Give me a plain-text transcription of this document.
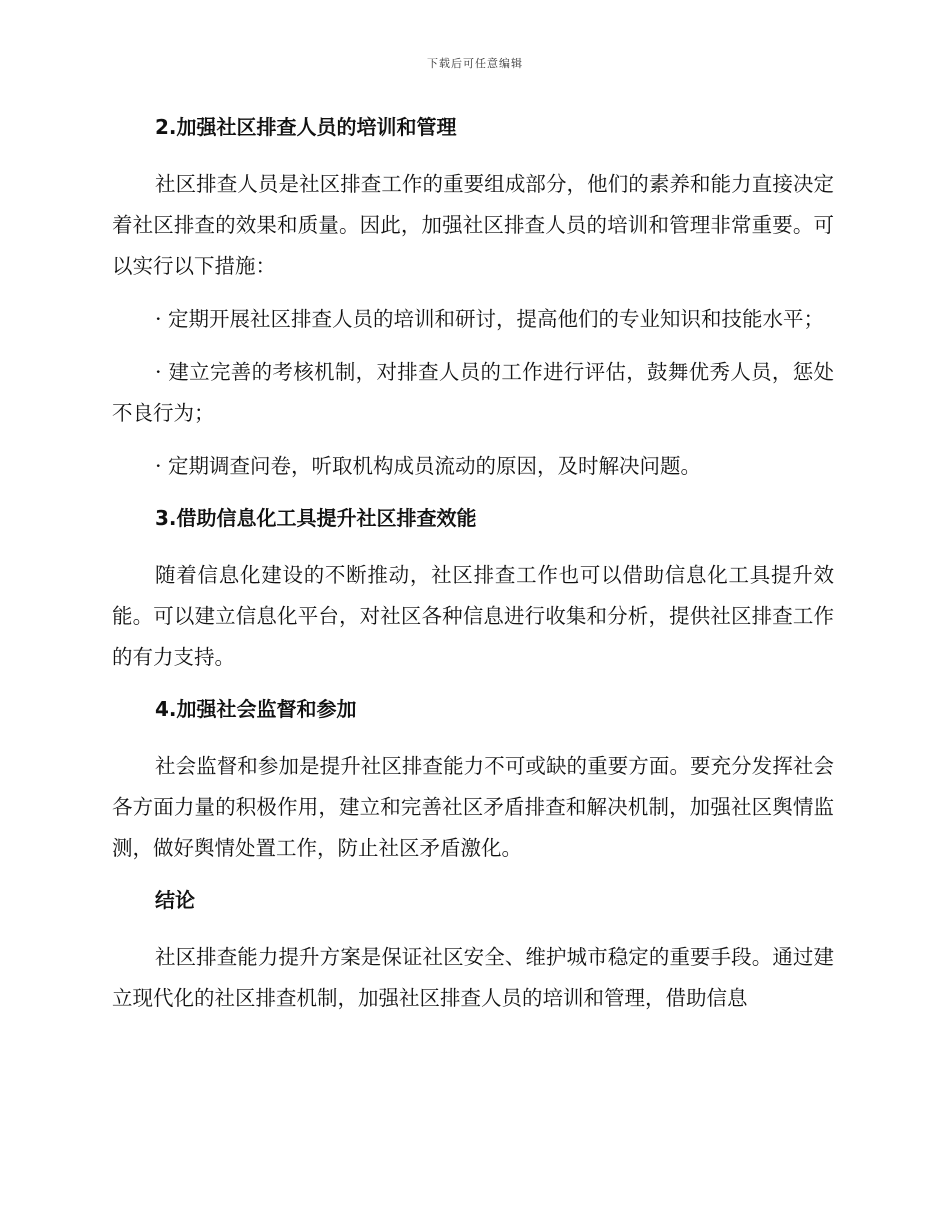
下载后可任意编辑
2.加强社区排查人员的培训和管理

社区排查人员是社区排查工作的重要组成部分，他们的素养和能力直接决定着社区排查的效果和质量。因此，加强社区排查人员的培训和管理非常重要。可以实行以下措施：

· 定期开展社区排查人员的培训和研讨，提高他们的专业知识和技能水平；

· 建立完善的考核机制，对排查人员的工作进行评估，鼓舞优秀人员，惩处不良行为；

· 定期调查问卷，听取机构成员流动的原因，及时解决问题。

3.借助信息化工具提升社区排查效能

随着信息化建设的不断推动，社区排查工作也可以借助信息化工具提升效能。可以建立信息化平台，对社区各种信息进行收集和分析，提供社区排查工作的有力支持。

4.加强社会监督和参加

社会监督和参加是提升社区排查能力不可或缺的重要方面。要充分发挥社会各方面力量的积极作用，建立和完善社区矛盾排查和解决机制，加强社区舆情监测，做好舆情处置工作，防止社区矛盾激化。

结论

社区排查能力提升方案是保证社区安全、维护城市稳定的重要手段。通过建立现代化的社区排查机制，加强社区排查人员的培训和管理，借助信息
